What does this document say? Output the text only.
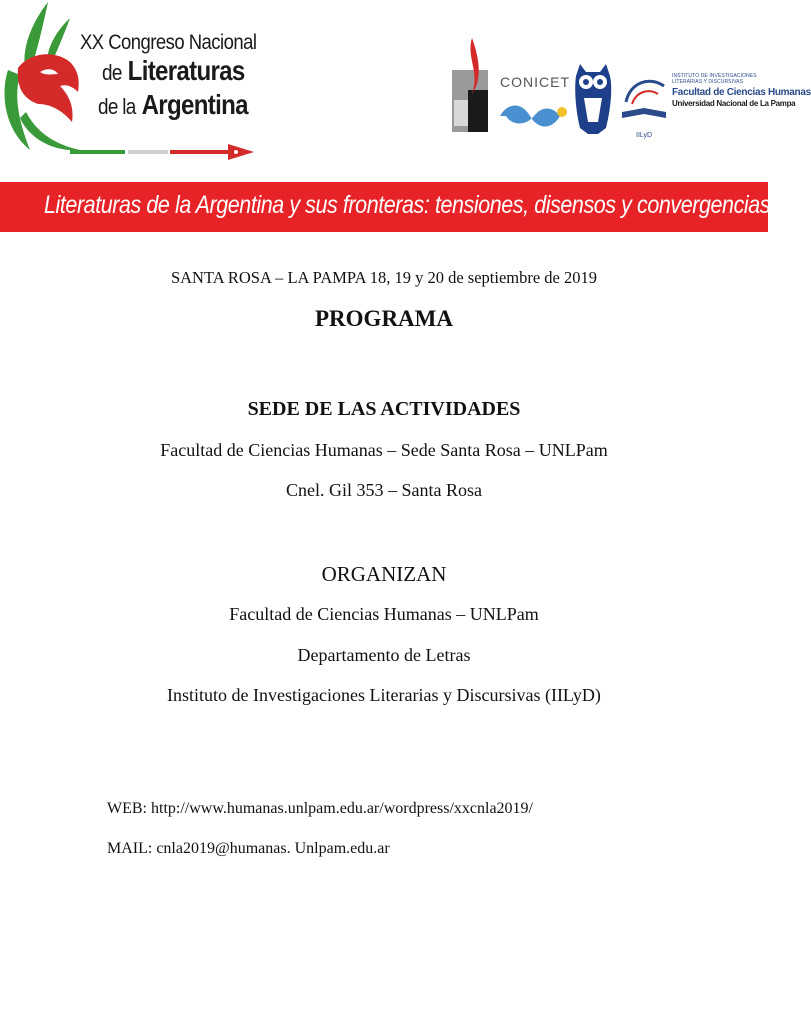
XX Congreso Nacional
de Literaturas
de la Argentina
CONICET
IILyD
INSTITUTO DE INVESTIGACIONES LITERARIAS Y DISCURSIVAS
Facultad de Ciencias Humanas
Universidad Nacional de La Pampa
Literaturas de la Argentina y sus fronteras: tensiones, disensos y convergencias
SANTA ROSA – LA PAMPA 18, 19 y 20 de septiembre de 2019
PROGRAMA
SEDE DE LAS ACTIVIDADES
Facultad de Ciencias Humanas – Sede Santa Rosa – UNLPam
Cnel. Gil 353 – Santa Rosa
ORGANIZAN
Facultad de Ciencias Humanas – UNLPam
Departamento de Letras
Instituto de Investigaciones Literarias y Discursivas (IILyD)
WEB: http://www.humanas.unlpam.edu.ar/wordpress/xxcnla2019/
MAIL: cnla2019@humanas. Unlpam.edu.ar
